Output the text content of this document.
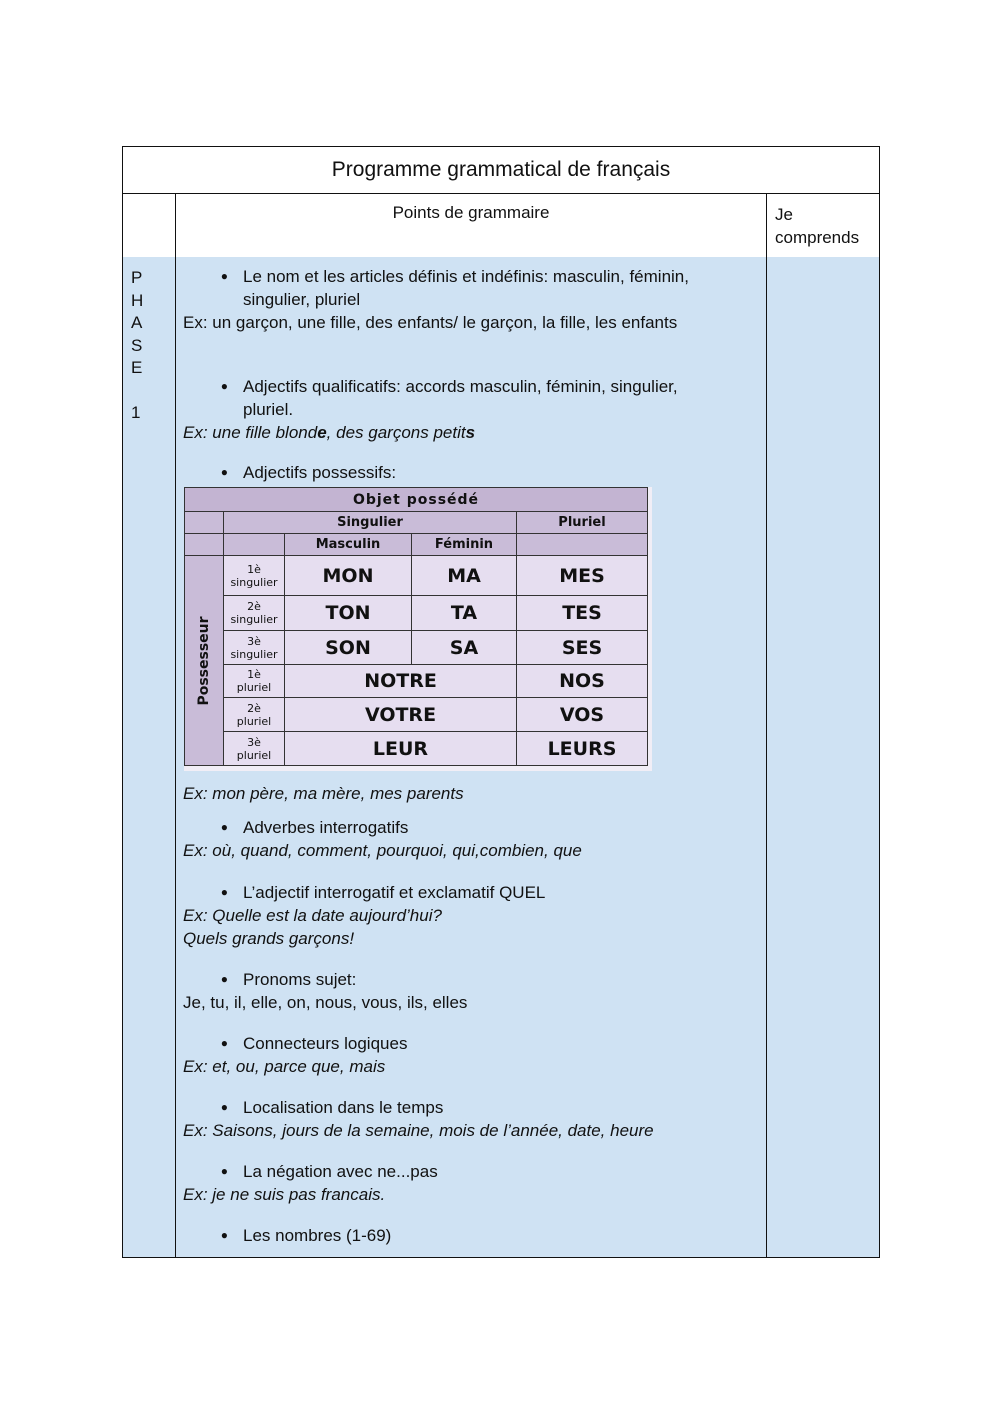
Programme grammatical de français
Points de grammaire	Je
comprends
P
H
A
S
E
1
● Le nom et les articles définis et indéfinis: masculin, féminin,
singulier, pluriel
Ex: un garçon, une fille, des enfants/ le garçon, la fille, les enfants
● Adjectifs qualificatifs: accords masculin, féminin, singulier,
pluriel.
Ex: une fille blonde, des garçons petits
● Adjectifs possessifs:
Objet possédé				
	Singulier			Pluriel
		Masculin	Féminin	

Possesseur	1è
singulier	MON	MA	MES

	2è
singulier	TON	TA	TES

	3è
singulier	SON	SA	SES

	1è
pluriel	NOTRE		NOS

	2è
pluriel	VOTRE		VOS

	3è
pluriel	LEUR		LEURS
Ex: mon père, ma mère, mes parents
● Adverbes interrogatifs
Ex: où, quand, comment, pourquoi, qui,combien, que
● L’adjectif interrogatif et exclamatif QUEL
Ex: Quelle est la date aujourd’hui?
Quels grands garçons!
● Pronoms sujet:
Je, tu, il, elle, on, nous, vous, ils, elles
● Connecteurs logiques
Ex: et, ou, parce que, mais
● Localisation dans le temps
Ex: Saisons, jours de la semaine, mois de l’année, date, heure
● La négation avec ne...pas
Ex: je ne suis pas francais.
● Les nombres (1-69)
